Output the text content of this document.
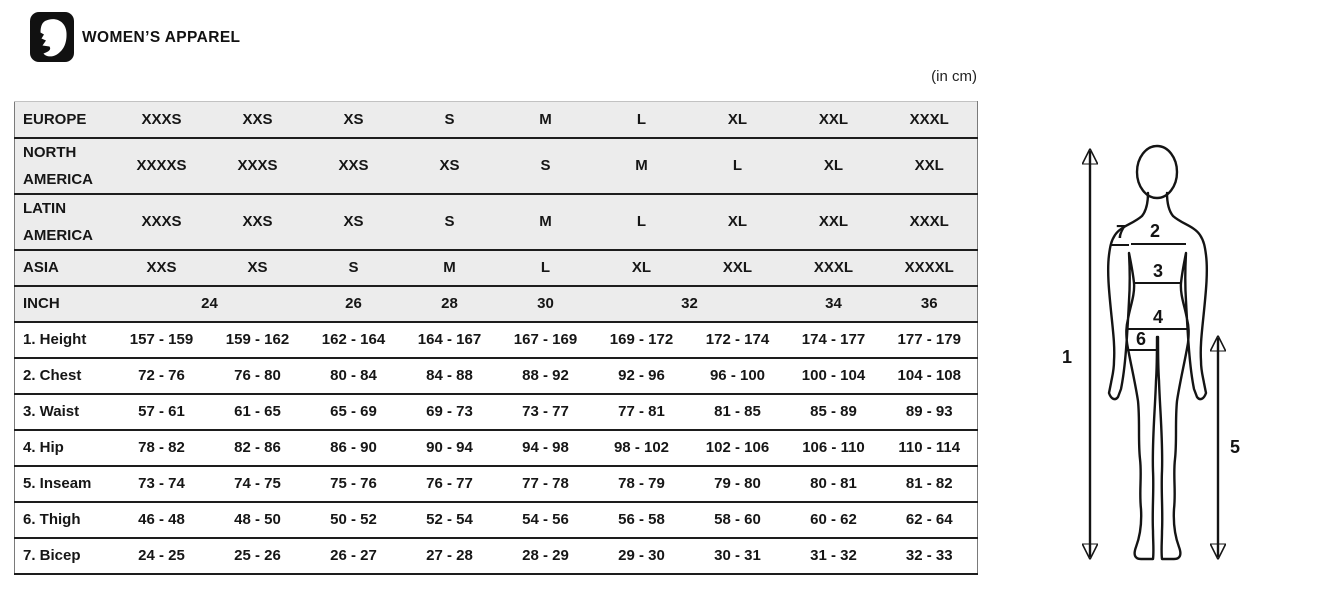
WOMEN’S APPAREL
(in cm)
EUROPE	XXXS	XXS	XS	S	M	L	XL	XXL	XXXL
NORTH AMERICA	XXXXS	XXXS	XXS	XS	S	M	L	XL	XXL
LATIN AMERICA	XXXS	XXS	XS	S	M	L	XL	XXL	XXXL
ASIA	XXS	XS	S	M	L	XL	XXL	XXXL	XXXXL
INCH	24		26	28	30	32		34	36
1. Height	157 - 159	159 - 162	162 - 164	164 - 167	167 - 169	169 - 172	172 - 174	174 - 177	177 - 179
2. Chest	72 - 76	76 - 80	80 - 84	84 - 88	88 - 92	92 - 96	96 - 100	100 - 104	104 - 108
3. Waist	57 - 61	61 - 65	65 - 69	69 - 73	73 - 77	77 - 81	81 - 85	85 - 89	89 - 93
4. Hip	78 - 82	82 - 86	86 - 90	90 - 94	94 - 98	98 - 102	102 - 106	106 - 110	110 - 114
5. Inseam	73 - 74	74 - 75	75 - 76	76 - 77	77 - 78	78 - 79	79 - 80	80 - 81	81 - 82
6. Thigh	46 - 48	48 - 50	50 - 52	52 - 54	54 - 56	56 - 58	58 - 60	60 - 62	62 - 64
7. Bicep	24 - 25	25 - 26	26 - 27	27 - 28	28 - 29	29 - 30	30 - 31	31 - 32	32 - 33
1
2
7
3
4
6
5
